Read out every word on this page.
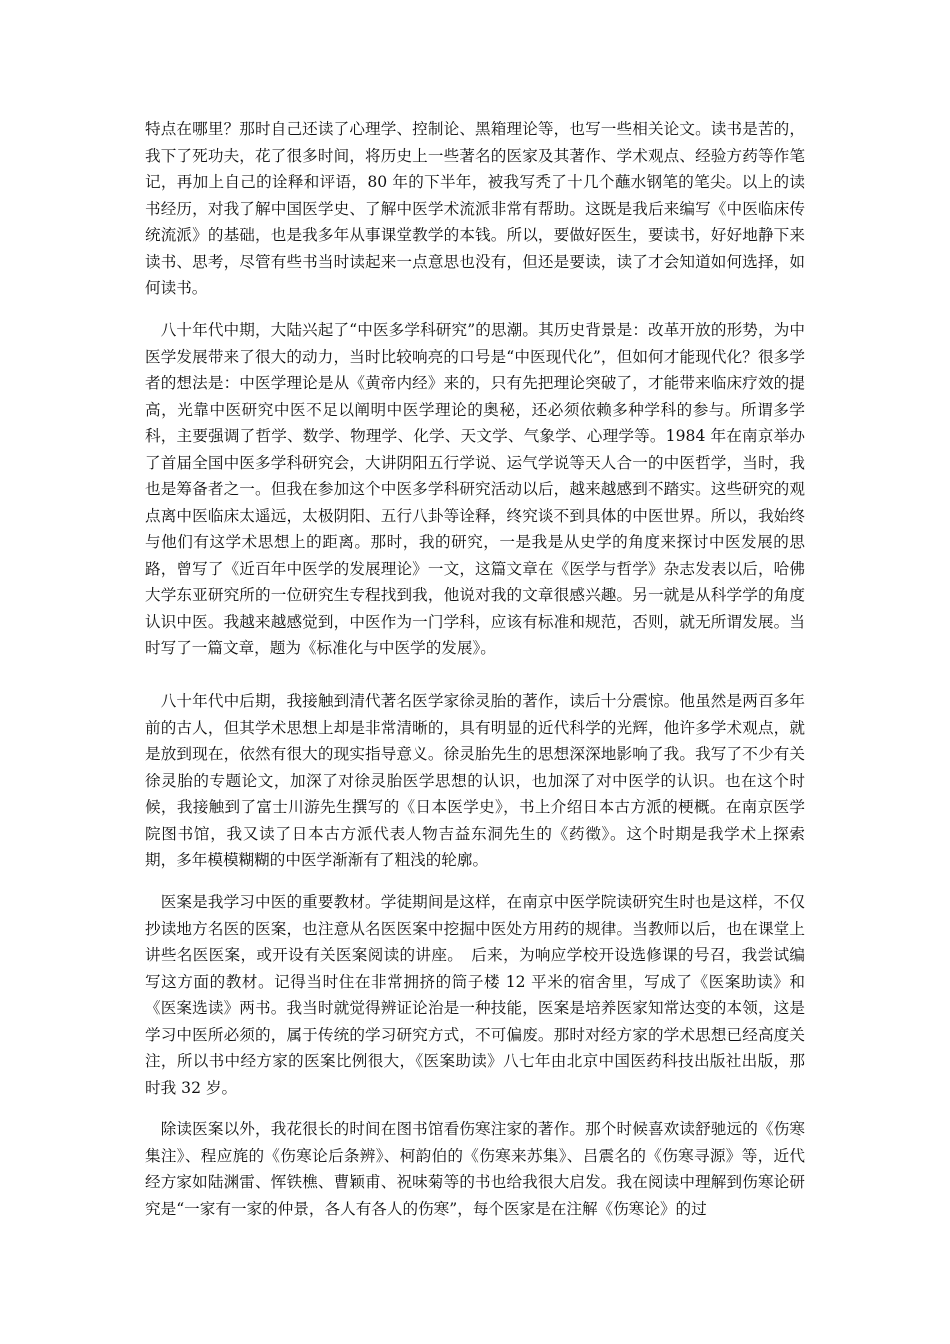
特点在哪里？那时自己还读了心理学、控制论、黑箱理论等，也写一些相关论文。读书是苦的，我下了死功夫，花了很多时间，将历史上一些著名的医家及其著作、学术观点、经验方药等作笔记，再加上自己的诠释和评语，80 年的下半年，被我写秃了十几个蘸水钢笔的笔尖。以上的读书经历，对我了解中国医学史、了解中医学术流派非常有帮助。这既是我后来编写《中医临床传统流派》的基础，也是我多年从事课堂教学的本钱。所以，要做好医生，要读书，好好地静下来读书、思考，尽管有些书当时读起来一点意思也没有，但还是要读，读了才会知道如何选择，如何读书。

　八十年代中期，大陆兴起了“中医多学科研究”的思潮。其历史背景是：改革开放的形势，为中医学发展带来了很大的动力，当时比较响亮的口号是“中医现代化”，但如何才能现代化？很多学者的想法是：中医学理论是从《黄帝内经》来的，只有先把理论突破了，才能带来临床疗效的提高，光靠中医研究中医不足以阐明中医学理论的奥秘，还必须依赖多种学科的参与。所谓多学科，主要强调了哲学、数学、物理学、化学、天文学、气象学、心理学等。1984 年在南京举办了首届全国中医多学科研究会，大讲阴阳五行学说、运气学说等天人合一的中医哲学，当时，我也是筹备者之一。但我在参加这个中医多学科研究活动以后，越来越感到不踏实。这些研究的观点离中医临床太遥远，太极阴阳、五行八卦等诠释，终究谈不到具体的中医世界。所以，我始终与他们有这学术思想上的距离。那时，我的研究，一是我是从史学的角度来探讨中医发展的思路，曾写了《近百年中医学的发展理论》一文，这篇文章在《医学与哲学》杂志发表以后，哈佛大学东亚研究所的一位研究生专程找到我，他说对我的文章很感兴趣。另一就是从科学学的角度认识中医。我越来越感觉到，中医作为一门学科，应该有标准和规范，否则，就无所谓发展。当时写了一篇文章，题为《标准化与中医学的发展》。

　八十年代中后期，我接触到清代著名医学家徐灵胎的著作，读后十分震惊。他虽然是两百多年前的古人，但其学术思想上却是非常清晰的，具有明显的近代科学的光辉，他许多学术观点，就是放到现在，依然有很大的现实指导意义。徐灵胎先生的思想深深地影响了我。我写了不少有关徐灵胎的专题论文，加深了对徐灵胎医学思想的认识，也加深了对中医学的认识。也在这个时候，我接触到了富士川游先生撰写的《日本医学史》，书上介绍日本古方派的梗概。在南京医学院图书馆，我又读了日本古方派代表人物吉益东洞先生的《药徵》。这个时期是我学术上探索期，多年模模糊糊的中医学渐渐有了粗浅的轮廓。

　医案是我学习中医的重要教材。学徒期间是这样，在南京中医学院读研究生时也是这样，不仅抄读地方名医的医案，也注意从名医医案中挖掘中医处方用药的规律。当教师以后，也在课堂上讲些名医医案，或开设有关医案阅读的讲座。　后来，为响应学校开设选修课的号召，我尝试编写这方面的教材。记得当时住在非常拥挤的筒子楼 12 平米的宿舍里，写成了《医案助读》和《医案选读》两书。我当时就觉得辨证论治是一种技能，医案是培养医家知常达变的本领，这是学习中医所必须的，属于传统的学习研究方式，不可偏废。那时对经方家的学术思想已经高度关注，所以书中经方家的医案比例很大，《医案助读》八七年由北京中国医药科技出版社出版，那时我 32 岁。

　除读医案以外，我花很长的时间在图书馆看伤寒注家的著作。那个时候喜欢读舒驰远的《伤寒集注》、程应旄的《伤寒论后条辨》、柯韵伯的《伤寒来苏集》、吕震名的《伤寒寻源》等，近代经方家如陆渊雷、恽铁樵、曹颖甫、祝味菊等的书也给我很大启发。我在阅读中理解到伤寒论研究是“一家有一家的仲景，各人有各人的伤寒”，每个医家是在注解《伤寒论》的过
